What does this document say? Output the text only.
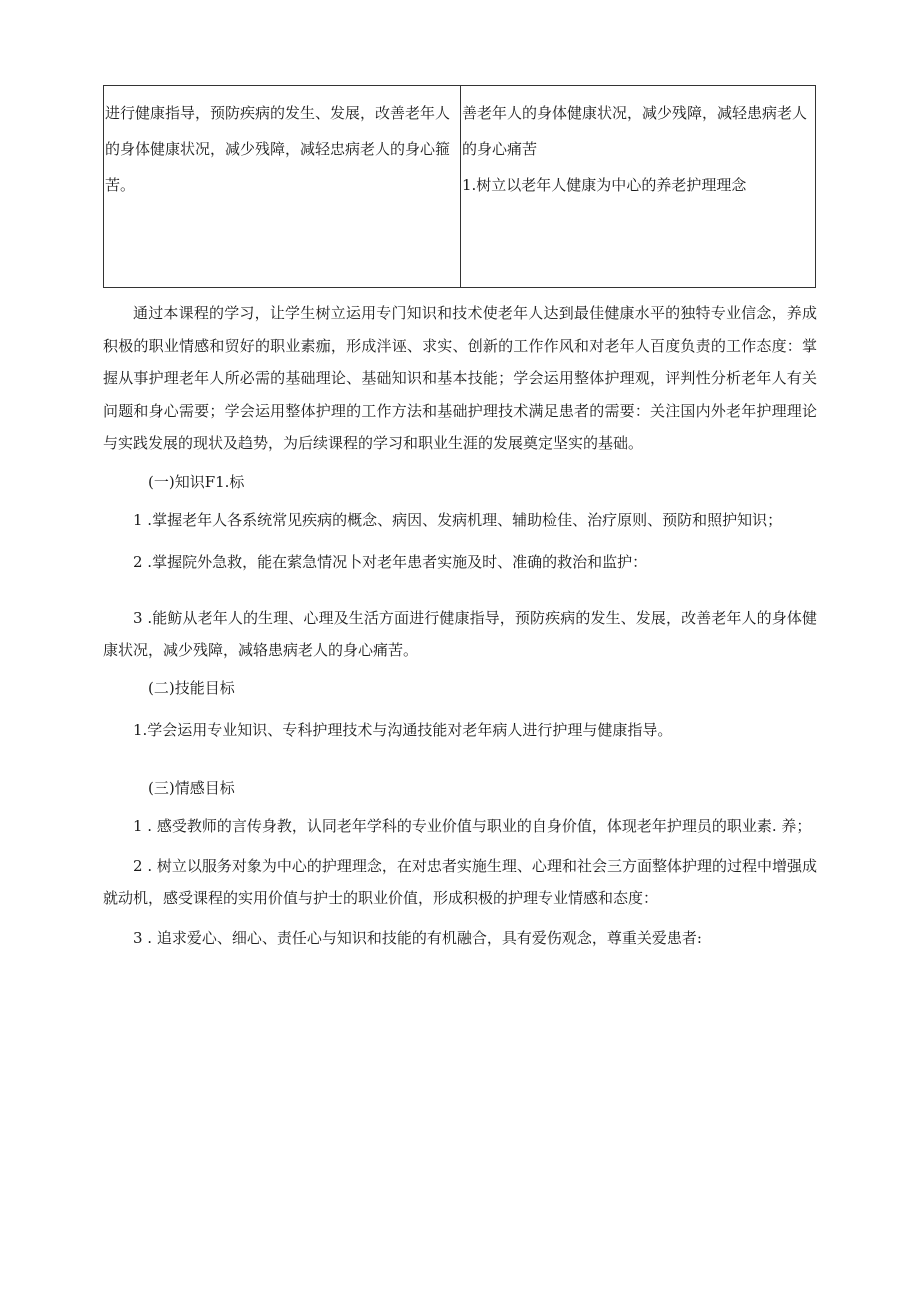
进行健康指导，预防疾病的发生、发展，改善老年人的身体健康状况，减少残障，减轻忠病老人的身心箍苦。

善老年人的身体健康状况，减少残障，减轻患病老人的身心痛苦

1.树立以老年人健康为中心的养老护理理念

通过本课程的学习，让学生树立运用专门知识和技术使老年人达到最佳健康水平的独特专业信念，养成积极的职业情感和贸好的职业素痂，形成泮诬、求实、创新的工作作风和对老年人百度负责的工作态度：掌握从事护理老年人所必需的基础理论、基础知识和基本技能；学会运用整体护理观，评判性分析老年人有关问题和身心需要；学会运用整体护理的工作方法和基础护理技术满足患者的需要：关注国内外老年护理理论与实践发展的现状及趋势，为后续课程的学习和职业生涯的发展奠定坚实的基础。

(一)知识F1.标

1 .掌握老年人各系统常见疾病的概念、病因、发病机理、辅助检佳、治疗原则、预防和照护知识；

2 .掌握院外急救，能在萦急情况卜对老年患者实施及时、准确的救治和监护：

3 .能鲂从老年人的生理、心理及生活方面进行健康指导，预防疾病的发生、发展，改善老年人的身体健康状况，减少残障，减辂患病老人的身心痛苦。

(二)技能目标

1.学会运用专业知识、专科护理技术与沟通技能对老年病人进行护理与健康指导。

(三)情感目标

1 . 感受教师的言传身教，认同老年学科的专业价值与职业的自身价值，体现老年护理员的职业素. 养；

2 . 树立以服务对象为中心的护理理念，在对忠者实施生理、心理和社会三方面整体护理的过程中增强成就动机，感受课程的实用价值与护士的职业价值，形成积极的护理专业情感和态度：

3 . 追求爱心、细心、责任心与知识和技能的有机融合，具有爱伤观念，尊重关爱患者:
